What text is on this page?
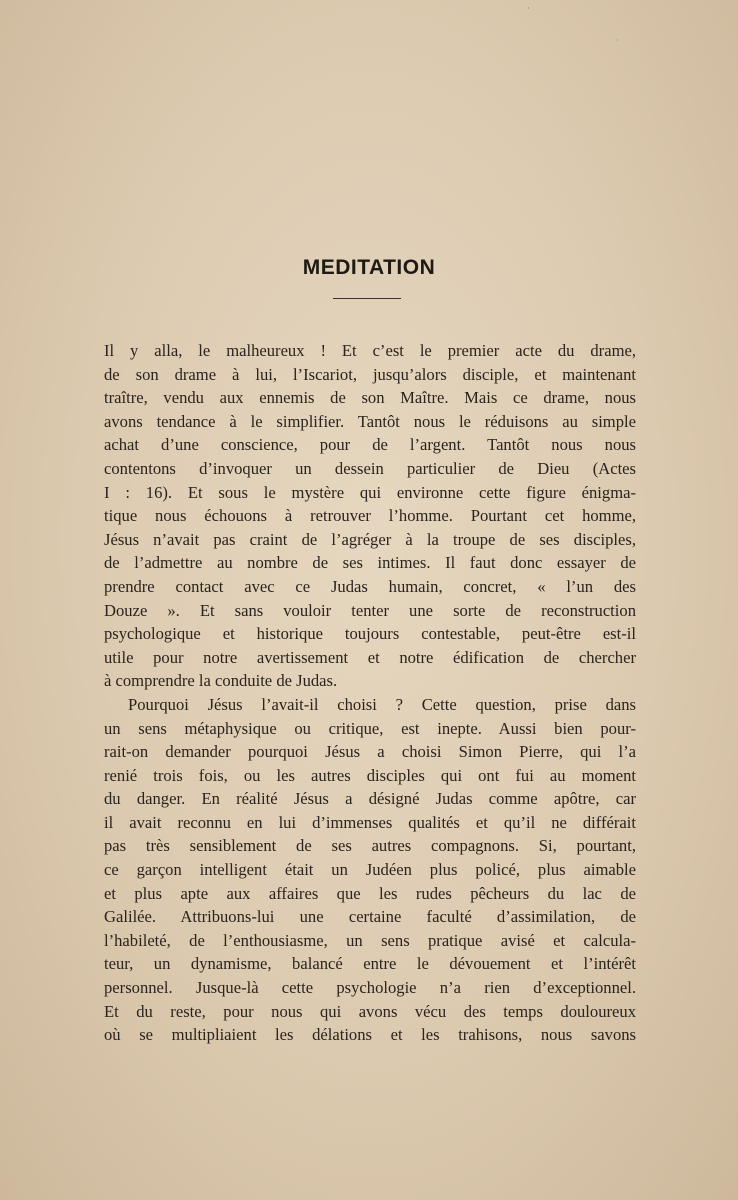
·
·
MEDITATION
Il y alla, le malheureux ! Et c’est le premier acte du drame,
de son drame à lui, l’Iscariot, jusqu’alors disciple, et maintenant
traître, vendu aux ennemis de son Maître. Mais ce drame, nous
avons tendance à le simplifier. Tantôt nous le réduisons au simple
achat d’une conscience, pour de l’argent. Tantôt nous nous
contentons d’invoquer un dessein particulier de Dieu (Actes
I : 16). Et sous le mystère qui environne cette figure énigma-
tique nous échouons à retrouver l’homme. Pourtant cet homme,
Jésus n’avait pas craint de l’agréger à la troupe de ses disciples,
de l’admettre au nombre de ses intimes. Il faut donc essayer de
prendre contact avec ce Judas humain, concret, « l’un des
Douze ». Et sans vouloir tenter une sorte de reconstruction
psychologique et historique toujours contestable, peut-être est-il
utile pour notre avertissement et notre édification de chercher
à comprendre la conduite de Judas.
Pourquoi Jésus l’avait-il choisi ? Cette question, prise dans
un sens métaphysique ou critique, est inepte. Aussi bien pour-
rait-on demander pourquoi Jésus a choisi Simon Pierre, qui l’a
renié trois fois, ou les autres disciples qui ont fui au moment
du danger. En réalité Jésus a désigné Judas comme apôtre, car
il avait reconnu en lui d’immenses qualités et qu’il ne différait
pas très sensiblement de ses autres compagnons. Si, pourtant,
ce garçon intelligent était un Judéen plus policé, plus aimable
et plus apte aux affaires que les rudes pêcheurs du lac de
Galilée. Attribuons-lui une certaine faculté d’assimilation, de
l’habileté, de l’enthousiasme, un sens pratique avisé et calcula-
teur, un dynamisme, balancé entre le dévouement et l’intérêt
personnel. Jusque-là cette psychologie n’a rien d’exceptionnel.
Et du reste, pour nous qui avons vécu des temps douloureux
où se multipliaient les délations et les trahisons, nous savons
